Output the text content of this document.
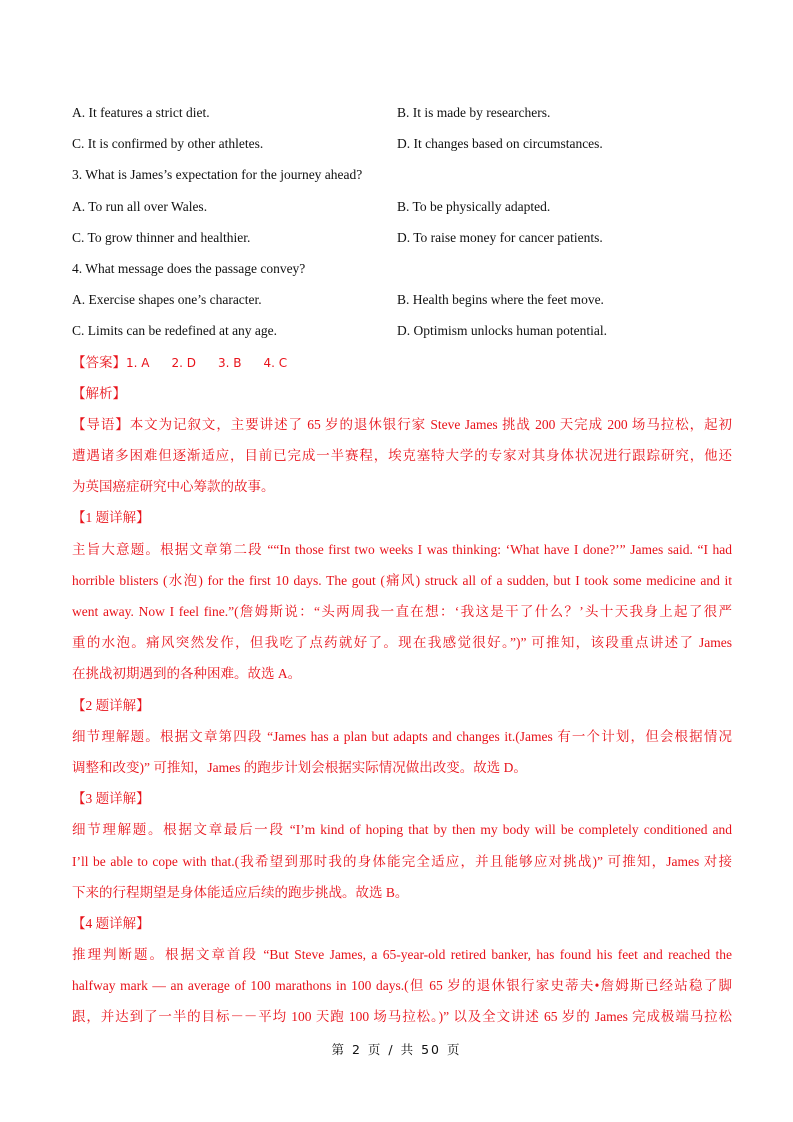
A. It features a strict diet.	B. It is made by researchers.
C. It is confirmed by other athletes.	D. It changes based on circumstances.
3. What is James’s expectation for the journey ahead?
A. To run all over Wales.	B. To be physically adapted.
C. To grow thinner and healthier.	D. To raise money for cancer patients.
4. What message does the passage convey?
A. Exercise shapes one’s character.	B. Health begins where the feet move.
C. Limits can be redefined at any age.	D. Optimism unlocks human potential.
【答案】1. A 2. D 3. B 4. C
【解析】
【导语】本文为记叙文，主要讲述了 65 岁的退休银行家 Steve James 挑战 200 天完成 200 场马拉松，起初
遭遇诸多困难但逐渐适应，目前已完成一半赛程，埃克塞特大学的专家对其身体状况进行跟踪研究，他还
为英国癌症研究中心筹款的故事。
【1 题详解】
主旨大意题。根据文章第二段 ““In those first two weeks I was thinking: ‘What have I done?’” James said. “I had
horrible blisters (水泡) for the first 10 days. The gout (痛风) struck all of a sudden, but I took some medicine and it
went away. Now I feel fine.”(詹姆斯说：“头两周我一直在想：‘我这是干了什么？’头十天我身上起了很严
重的水泡。痛风突然发作，但我吃了点药就好了。现在我感觉很好。”)” 可推知，该段重点讲述了 James
在挑战初期遇到的各种困难。故选 A。
【2 题详解】
细节理解题。根据文章第四段 “James has a plan but adapts and changes it.(James 有一个计划，但会根据情况
调整和改变)” 可推知，James 的跑步计划会根据实际情况做出改变。故选 D。
【3 题详解】
细节理解题。根据文章最后一段 “I’m kind of hoping that by then my body will be completely conditioned and
I’ll be able to cope with that.(我希望到那时我的身体能完全适应，并且能够应对挑战)” 可推知，James 对接
下来的行程期望是身体能适应后续的跑步挑战。故选 B。
【4 题详解】
推理判断题。根据文章首段 “But Steve James, a 65-year-old retired banker, has found his feet and reached the
halfway mark — an average of 100 marathons in 100 days.(但 65 岁的退休银行家史蒂夫•詹姆斯已经站稳了脚
跟，并达到了一半的目标－－平均 100 天跑 100 场马拉松。)” 以及全文讲述 65 岁的 James 完成极端马拉松
第 2 页 / 共 50 页
